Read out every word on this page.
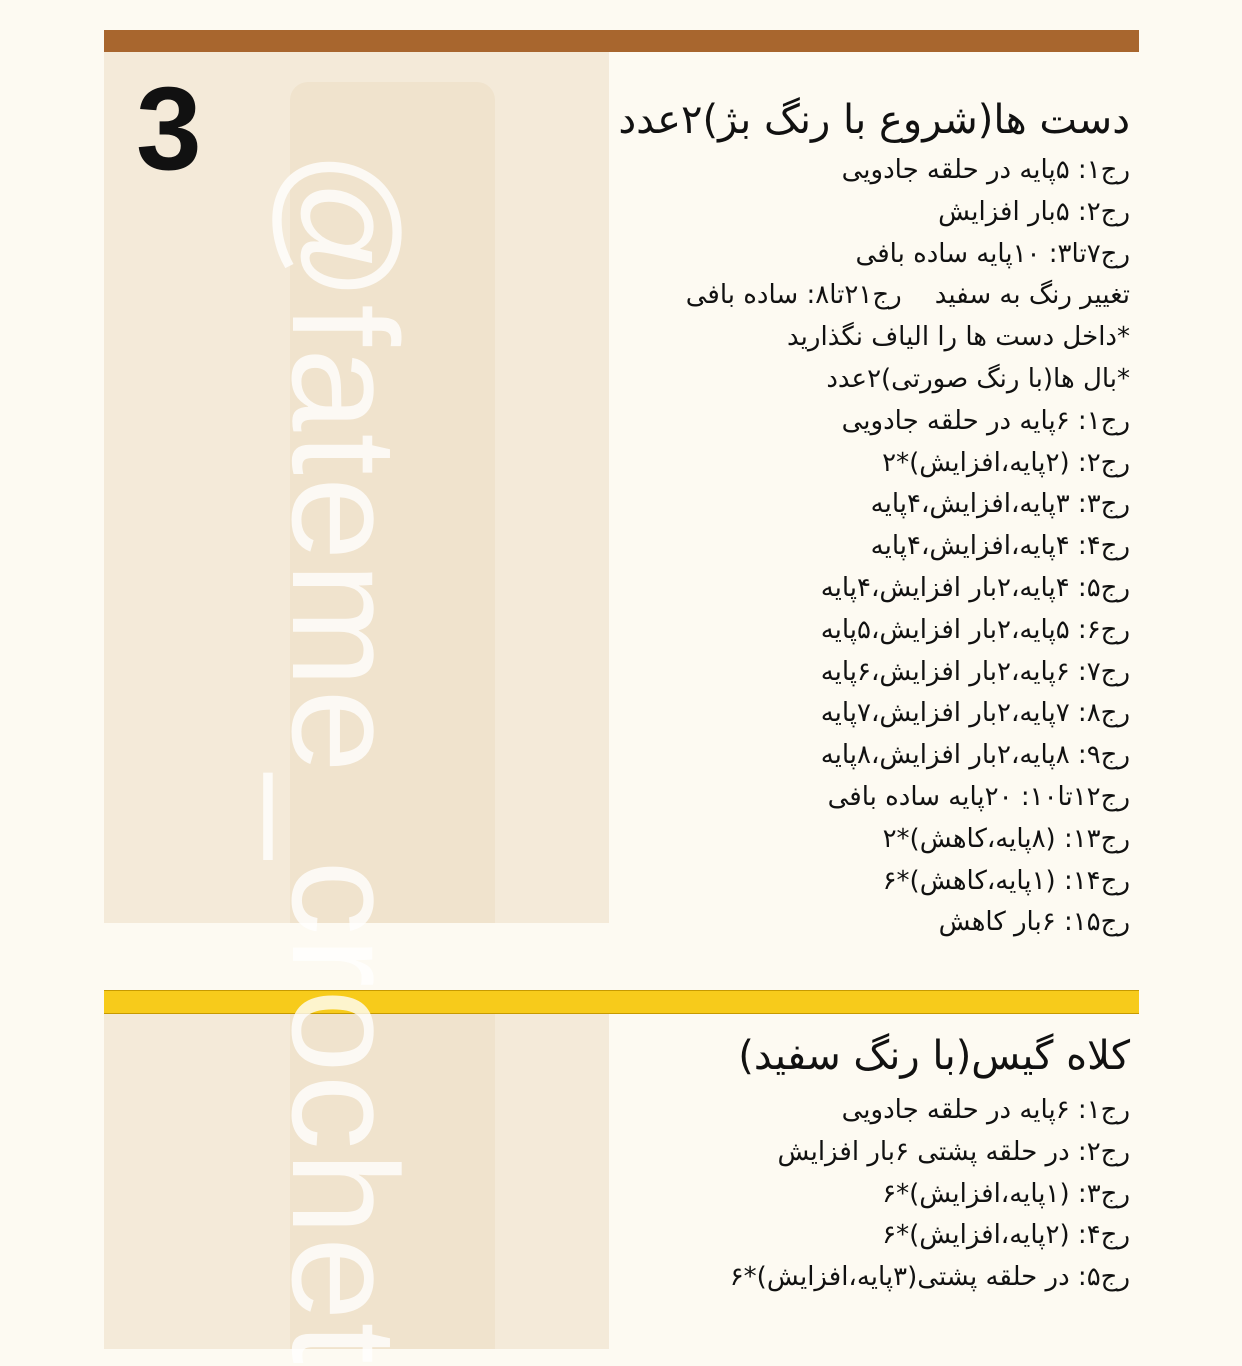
@fateme_crochet
3	دست ها(شروع با رنگ بژ)۲عدد
رج۱: ۵پایه در حلقه جادویی
رج۲: ۵بار افزایش
رج۷تا۳: ۱۰پایه ساده بافی
تغییر رنگ به سفید    رج۲۱تا۸: ساده بافی
*داخل دست ها را الیاف نگذارید
*بال ها(با رنگ صورتی)۲عدد
رج۱: ۶پایه در حلقه جادویی
رج۲: (۲پایه،افزایش)*۲
رج۳: ۳پایه،افزایش،۴پایه
رج۴: ۴پایه،افزایش،۴پایه
رج۵: ۴پایه،۲بار افزایش،۴پایه
رج۶: ۵پایه،۲بار افزایش،۵پایه
رج۷: ۶پایه،۲بار افزایش،۶پایه
رج۸: ۷پایه،۲بار افزایش،۷پایه
رج۹: ۸پایه،۲بار افزایش،۸پایه
رج۱۲تا۱۰: ۲۰پایه ساده بافی
رج۱۳: (۸پایه،کاهش)*۲
رج۱۴: (۱پایه،کاهش)*۶
رج۱۵: ۶بار کاهش
کلاه گیس(با رنگ سفید)
رج۱: ۶پایه در حلقه جادویی
رج۲: در حلقه پشتی ۶بار افزایش
رج۳: (۱پایه،افزایش)*۶
رج۴: (۲پایه،افزایش)*۶
رج۵: در حلقه پشتی(۳پایه،افزایش)*۶
